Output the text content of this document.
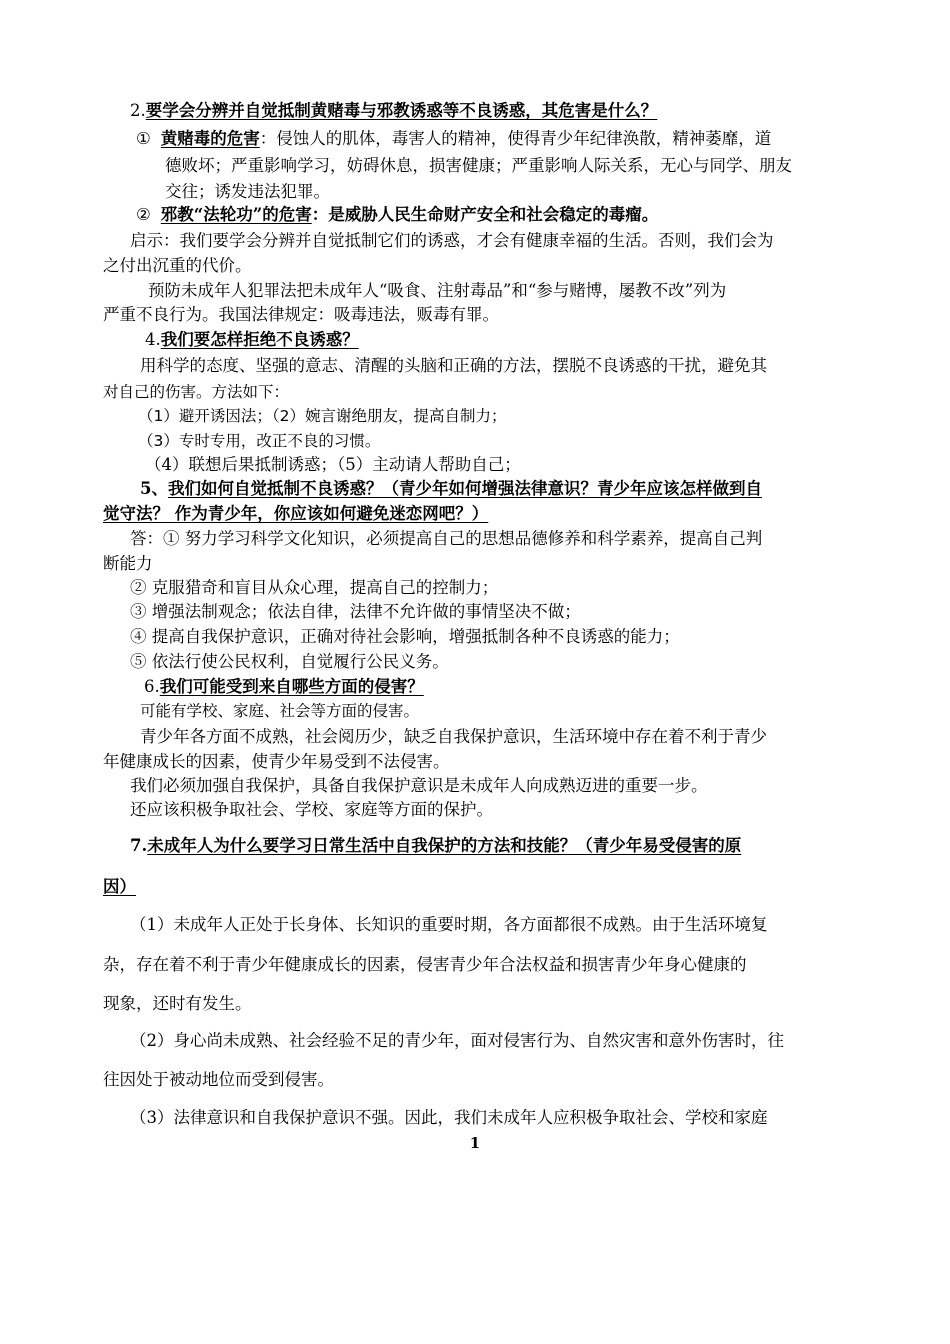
2.要学会分辨并自觉抵制黄赌毒与邪教诱惑等不良诱惑，其危害是什么？
① 黄赌毒的危害：侵蚀人的肌体，毒害人的精神，使得青少年纪律涣散，精神萎靡，道
德败坏；严重影响学习，妨碍休息，损害健康；严重影响人际关系，无心与同学、朋友
交往；诱发违法犯罪。
② 邪教“法轮功”的危害：是威胁人民生命财产安全和社会稳定的毒瘤。
启示：我们要学会分辨并自觉抵制它们的诱惑，才会有健康幸福的生活。否则，我们会为
之付出沉重的代价。
预防未成年人犯罪法把未成年人“吸食、注射毒品”和“参与赌博，屡教不改”列为
严重不良行为。我国法律规定：吸毒违法，贩毒有罪。
4.我们要怎样拒绝不良诱惑？
用科学的态度、坚强的意志、清醒的头脑和正确的方法，摆脱不良诱惑的干扰，避免其
对自己的伤害。方法如下：
（1）避开诱因法；（2）婉言谢绝朋友，提高自制力；
（3）专时专用，改正不良的习惯。
（4）联想后果抵制诱惑；（5）主动请人帮助自己；
5、我们如何自觉抵制不良诱惑？（青少年如何增强法律意识？青少年应该怎样做到自
觉守法？ 作为青少年，你应该如何避免迷恋网吧？）
答：① 努力学习科学文化知识，必须提高自己的思想品德修养和科学素养，提高自己判
断能力
② 克服猎奇和盲目从众心理，提高自己的控制力；
③ 增强法制观念；依法自律，法律不允许做的事情坚决不做；
④ 提高自我保护意识，正确对待社会影响，增强抵制各种不良诱惑的能力；
⑤ 依法行使公民权利，自觉履行公民义务。
6.我们可能受到来自哪些方面的侵害？
可能有学校、家庭、社会等方面的侵害。
青少年各方面不成熟，社会阅历少，缺乏自我保护意识，生活环境中存在着不利于青少
年健康成长的因素，使青少年易受到不法侵害。
我们必须加强自我保护，具备自我保护意识是未成年人向成熟迈进的重要一步。
还应该积极争取社会、学校、家庭等方面的保护。
7.未成年人为什么要学习日常生活中自我保护的方法和技能？（青少年易受侵害的原
因）
（1）未成年人正处于长身体、长知识的重要时期，各方面都很不成熟。由于生活环境复
杂，存在着不利于青少年健康成长的因素，侵害青少年合法权益和损害青少年身心健康的
现象，还时有发生。
（2）身心尚未成熟、社会经验不足的青少年，面对侵害行为、自然灾害和意外伤害时，往
往因处于被动地位而受到侵害。
（3）法律意识和自我保护意识不强。因此，我们未成年人应积极争取社会、学校和家庭
1
